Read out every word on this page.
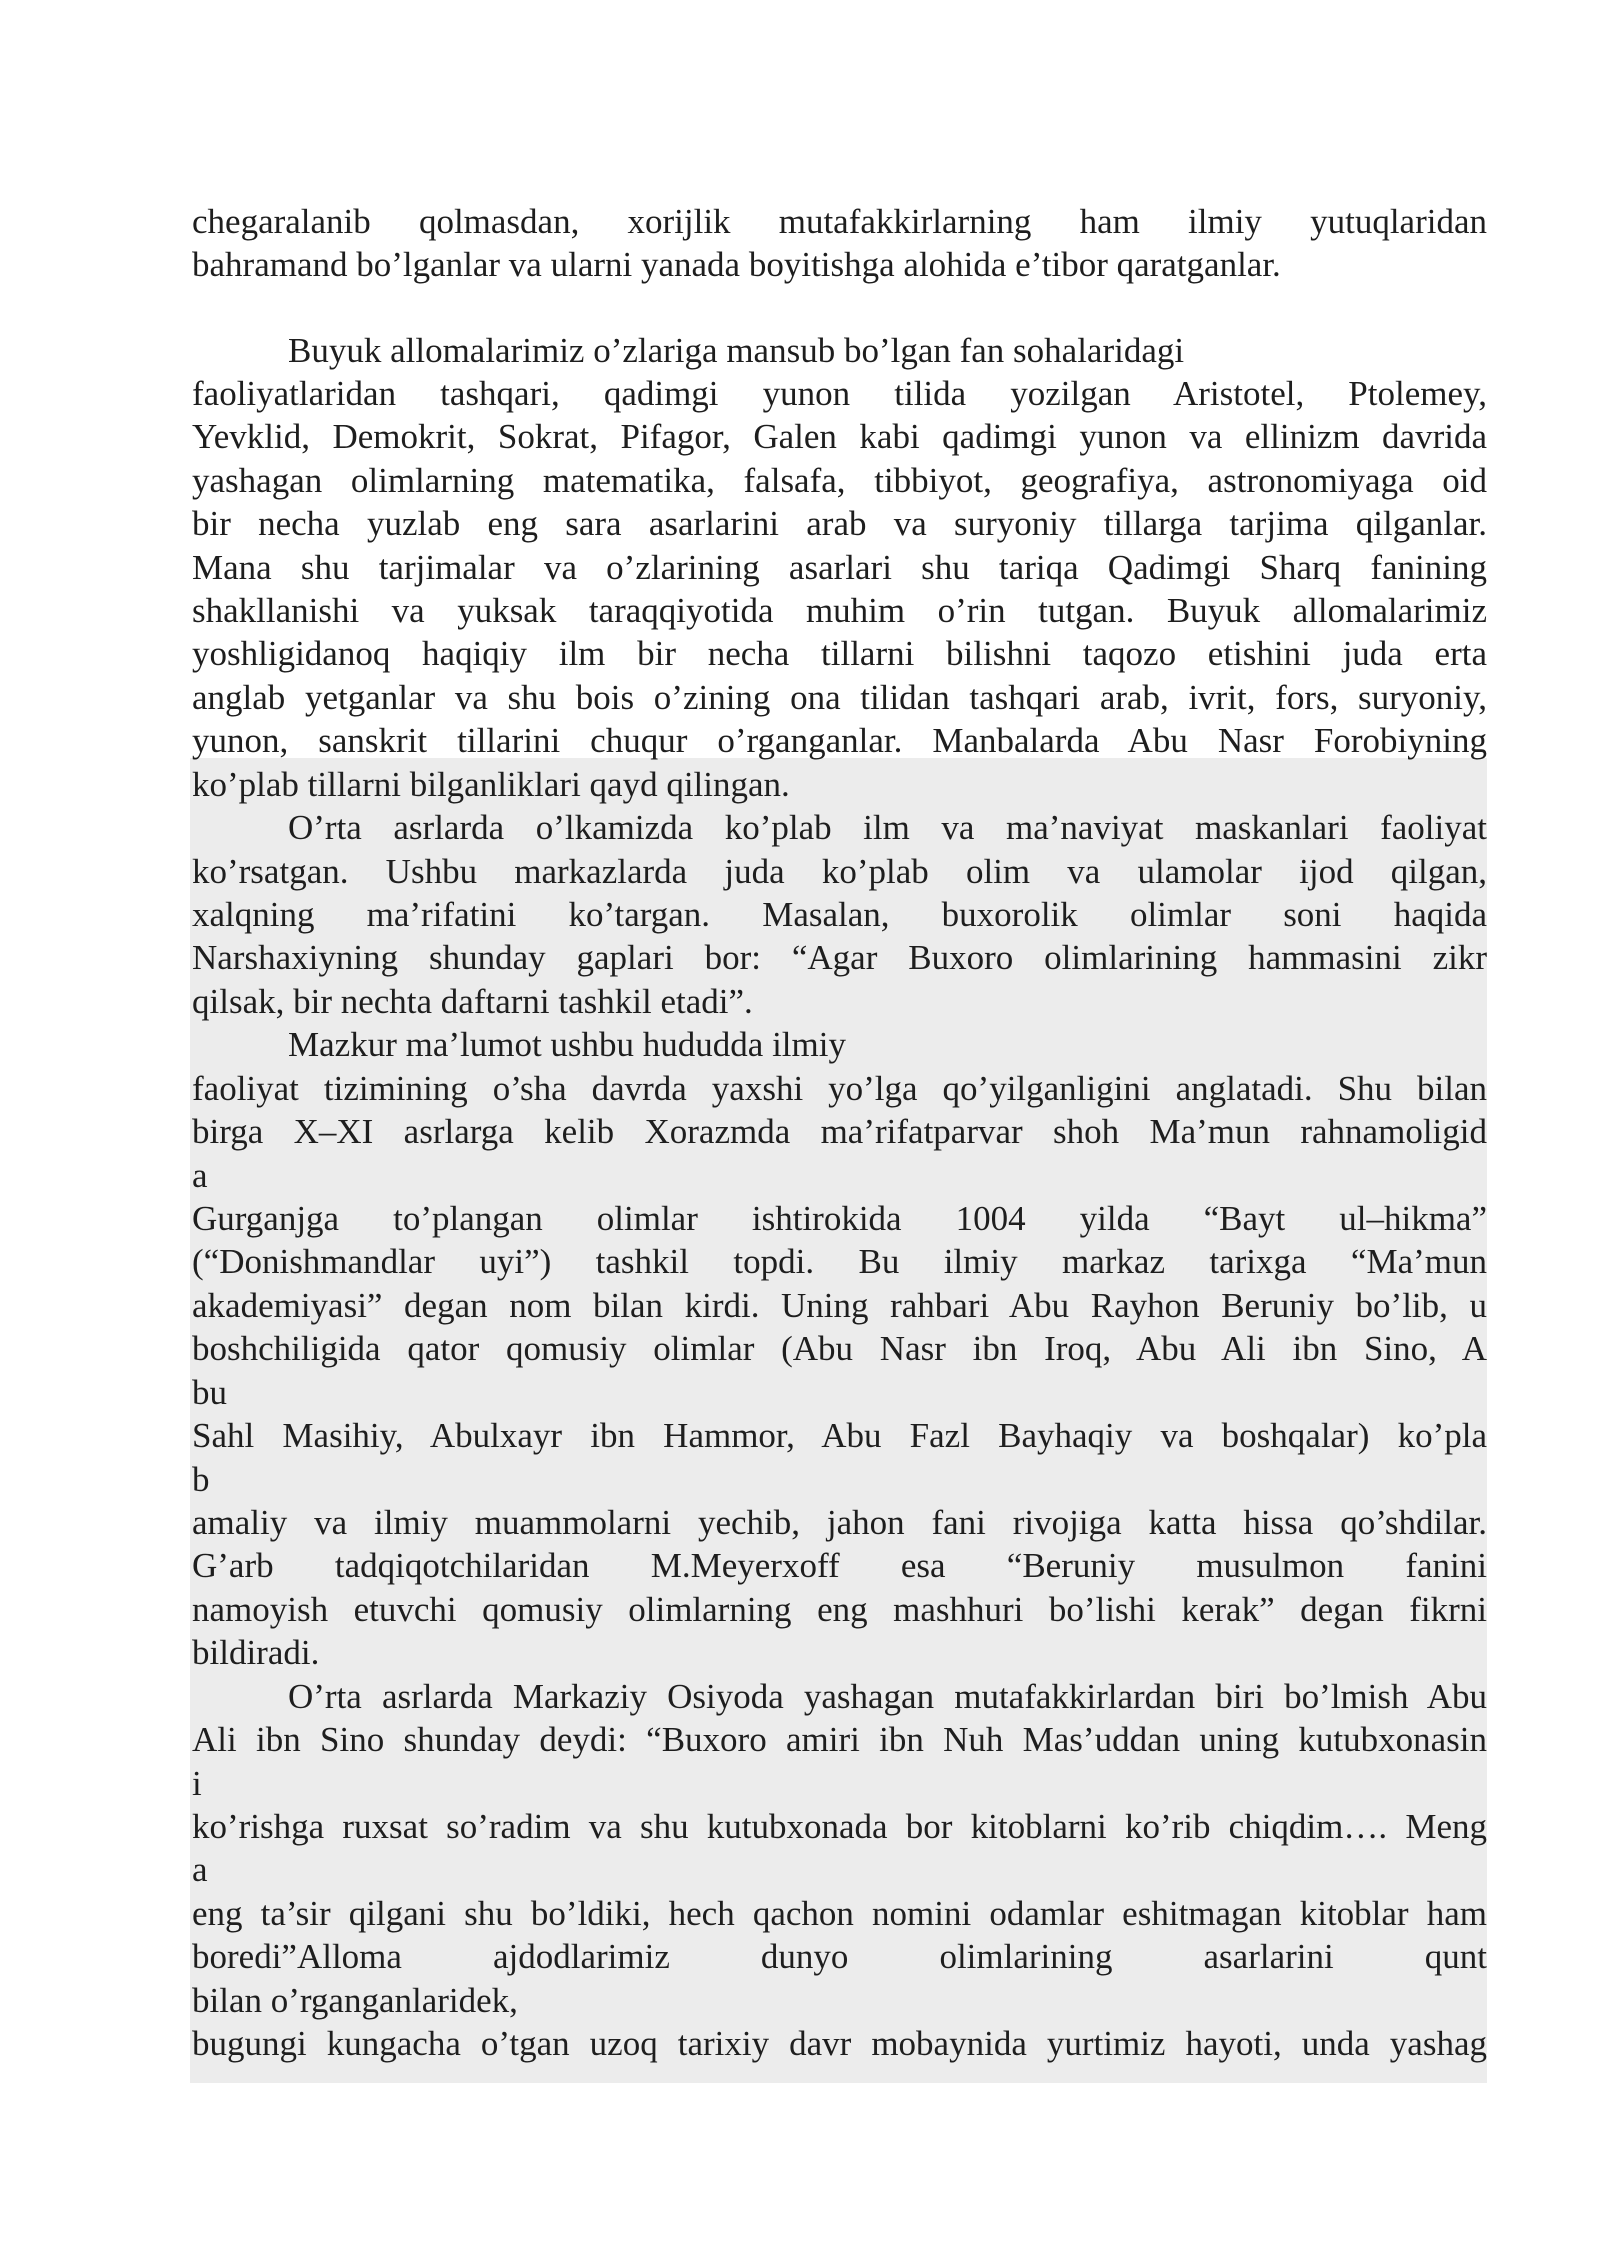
chegaralanib qolmasdan, xorijlik mutafakkirlarning ham ilmiy yutuqlaridan
bahramand bo’lganlar va ularni yanada boyitishga alohida e’tibor qaratganlar.
Buyuk allomalarimiz o’zlariga mansub bo’lgan fan sohalaridagi
faoliyatlaridan tashqari, qadimgi yunon tilida yozilgan Aristotel, Ptolemey,
Yevklid, Demokrit, Sokrat, Pifagor, Galen kabi qadimgi yunon va ellinizm davrida
yashagan olimlarning matematika, falsafa, tibbiyot, geografiya, astronomiyaga oid
bir necha yuzlab eng sara asarlarini arab va suryoniy tillarga tarjima qilganlar.
Mana shu tarjimalar va o’zlarining asarlari shu tariqa Qadimgi Sharq fanining
shakllanishi va yuksak taraqqiyotida muhim o’rin tutgan. Buyuk allomalarimiz
yoshligidanoq haqiqiy ilm bir necha tillarni bilishni taqozo etishini juda erta
anglab yetganlar va shu bois o’zining ona tilidan tashqari arab, ivrit, fors, suryoniy,
yunon, sanskrit tillarini chuqur o’rganganlar. Manbalarda Abu Nasr Forobiyning
ko’plab tillarni bilganliklari qayd qilingan.
O’rta asrlarda o’lkamizda ko’plab ilm va ma’naviyat maskanlari faoliyat
ko’rsatgan. Ushbu markazlarda juda ko’plab olim va ulamolar ijod qilgan,
xalqning ma’rifatini ko’targan. Masalan, buxorolik olimlar soni haqida
Narshaxiyning shunday gaplari bor: “Agar Buxoro olimlarining hammasini zikr
qilsak, bir nechta daftarni tashkil etadi”.
Mazkur ma’lumot ushbu hududda ilmiy
faoliyat tizimining o’sha davrda yaxshi yo’lga qo’yilganligini anglatadi. Shu bilan
birga X–XI asrlarga kelib Xorazmda ma’rifatparvar shoh Ma’mun rahnamoligid
a
Gurganjga to’plangan olimlar ishtirokida 1004 yilda “Bayt ul–hikma”
(“Donishmandlar uyi”) tashkil topdi. Bu ilmiy markaz tarixga “Ma’mun
akademiyasi” degan nom bilan kirdi. Uning rahbari Abu Rayhon Beruniy bo’lib, u
boshchiligida qator qomusiy olimlar (Abu Nasr ibn Iroq, Abu Ali ibn Sino, A
bu
Sahl Masihiy, Abulxayr ibn Hammor, Abu Fazl Bayhaqiy va boshqalar) ko’pla
b
amaliy va ilmiy muammolarni yechib, jahon fani rivojiga katta hissa qo’shdilar.
G’arb tadqiqotchilaridan M.Meyerxoff esa “Beruniy musulmon fanini
namoyish etuvchi qomusiy olimlarning eng mashhuri bo’lishi kerak” degan fikrni
bildiradi.
O’rta asrlarda Markaziy Osiyoda yashagan mutafakkirlardan biri bo’lmish Abu
Ali ibn Sino shunday deydi: “Buxoro amiri ibn Nuh Mas’uddan uning kutubxonasin
i
ko’rishga ruxsat so’radim va shu kutubxonada bor kitoblarni ko’rib chiqdim…. Meng
a
eng ta’sir qilgani shu bo’ldiki, hech qachon nomini odamlar eshitmagan kitoblar ham
boredi”Alloma ajdodlarimiz dunyo olimlarining asarlarini qunt
bilan o’rganganlaridek,
bugungi kungacha o’tgan uzoq tarixiy davr mobaynida yurtimiz hayoti, unda yashag
